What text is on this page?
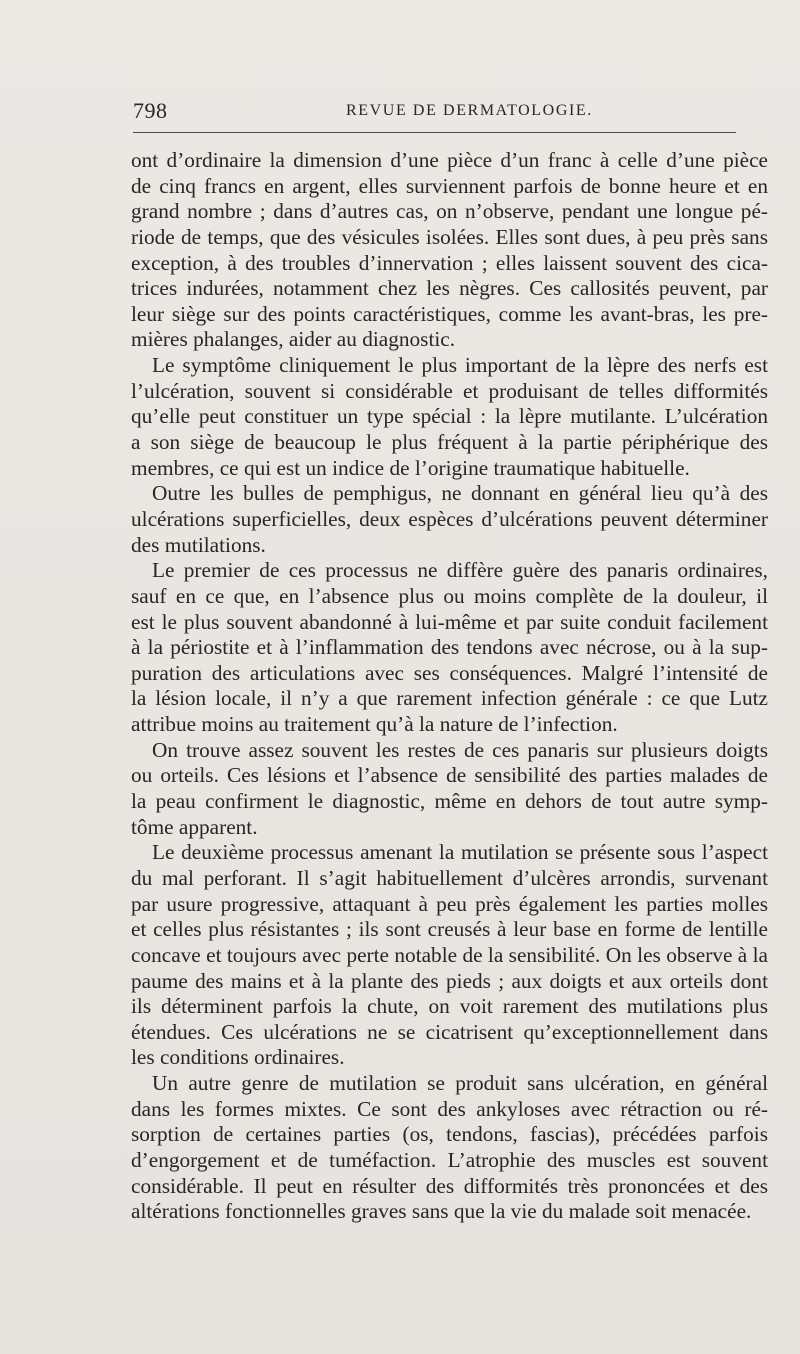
798	REVUE DE DERMATOLOGIE.
ont d’ordinaire la dimension d’une pièce d’un franc à celle d’une pièce
de cinq francs en argent, elles surviennent parfois de bonne heure et en
grand nombre ; dans d’autres cas, on n’observe, pendant une longue pé-
riode de temps, que des vésicules isolées. Elles sont dues, à peu près sans
exception, à des troubles d’innervation ; elles laissent souvent des cica-
trices indurées, notamment chez les nègres. Ces callosités peuvent, par
leur siège sur des points caractéristiques, comme les avant-bras, les pre-
mières phalanges, aider au diagnostic.
Le symptôme cliniquement le plus important de la lèpre des nerfs est
l’ulcération, souvent si considérable et produisant de telles difformités
qu’elle peut constituer un type spécial : la lèpre mutilante. L’ulcération
a son siège de beaucoup le plus fréquent à la partie périphérique des
membres, ce qui est un indice de l’origine traumatique habituelle.
Outre les bulles de pemphigus, ne donnant en général lieu qu’à des
ulcérations superficielles, deux espèces d’ulcérations peuvent déterminer
des mutilations.
Le premier de ces processus ne diffère guère des panaris ordinaires,
sauf en ce que, en l’absence plus ou moins complète de la douleur, il
est le plus souvent abandonné à lui-même et par suite conduit facilement
à la périostite et à l’inflammation des tendons avec nécrose, ou à la sup-
puration des articulations avec ses conséquences. Malgré l’intensité de
la lésion locale, il n’y a que rarement infection générale : ce que Lutz
attribue moins au traitement qu’à la nature de l’infection.
On trouve assez souvent les restes de ces panaris sur plusieurs doigts
ou orteils. Ces lésions et l’absence de sensibilité des parties malades de
la peau confirment le diagnostic, même en dehors de tout autre symp-
tôme apparent.
Le deuxième processus amenant la mutilation se présente sous l’aspect
du mal perforant. Il s’agit habituellement d’ulcères arrondis, survenant
par usure progressive, attaquant à peu près également les parties molles
et celles plus résistantes ; ils sont creusés à leur base en forme de lentille
concave et toujours avec perte notable de la sensibilité. On les observe à la
paume des mains et à la plante des pieds ; aux doigts et aux orteils dont
ils déterminent parfois la chute, on voit rarement des mutilations plus
étendues. Ces ulcérations ne se cicatrisent qu’exceptionnellement dans
les conditions ordinaires.
Un autre genre de mutilation se produit sans ulcération, en général
dans les formes mixtes. Ce sont des ankyloses avec rétraction ou ré-
sorption de certaines parties (os, tendons, fascias), précédées parfois
d’engorgement et de tuméfaction. L’atrophie des muscles est souvent
considérable. Il peut en résulter des difformités très prononcées et des
altérations fonctionnelles graves sans que la vie du malade soit menacée.
